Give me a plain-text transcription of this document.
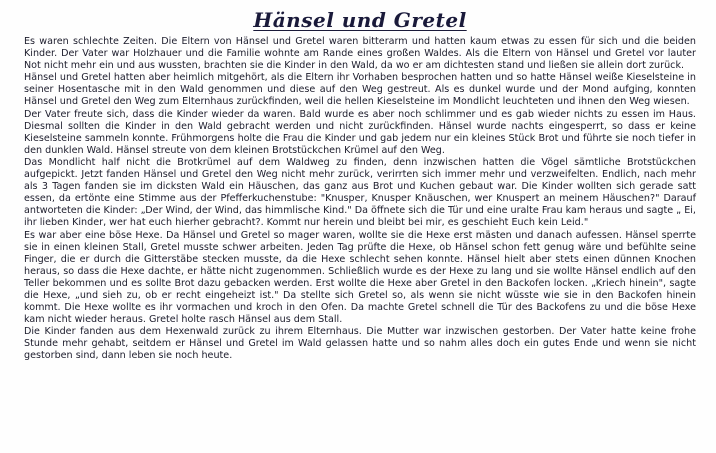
Hänsel und Gretel

Es waren schlechte Zeiten. Die Eltern von Hänsel und Gretel waren bitterarm und hatten kaum etwas zu essen für sich und die beiden Kinder. Der Vater war Holzhauer und die Familie wohnte am Rande eines großen Waldes. Als die Eltern von Hänsel und Gretel vor lauter Not nicht mehr ein und aus wussten, brachten sie die Kinder in den Wald, da wo er am dichtesten stand und ließen sie allein dort zurück.

Hänsel und Gretel hatten aber heimlich mitgehört, als die Eltern ihr Vorhaben besprochen hatten und so hatte Hänsel weiße Kieselsteine in seiner Hosentasche mit in den Wald genommen und diese auf den Weg gestreut. Als es dunkel wurde und der Mond aufging, konnten Hänsel und Gretel den Weg zum Elternhaus zurückfinden, weil die hellen Kieselsteine im Mondlicht leuchteten und ihnen den Weg wiesen.

Der Vater freute sich, dass die Kinder wieder da waren. Bald wurde es aber noch schlimmer und es gab wieder nichts zu essen im Haus. Diesmal sollten die Kinder in den Wald gebracht werden und nicht zurückfinden. Hänsel wurde nachts eingesperrt, so dass er keine Kieselsteine sammeln konnte. Frühmorgens holte die Frau die Kinder und gab jedem nur ein kleines Stück Brot und führte sie noch tiefer in den dunklen Wald. Hänsel streute von dem kleinen Brotstückchen Krümel auf den Weg.

Das Mondlicht half nicht die Brotkrümel auf dem Waldweg zu finden, denn inzwischen hatten die Vögel sämtliche Brotstückchen aufgepickt. Jetzt fanden Hänsel und Gretel den Weg nicht mehr zurück, verirrten sich immer mehr und verzweifelten. Endlich, nach mehr als 3 Tagen fanden sie im dicksten Wald ein Häuschen, das ganz aus Brot und Kuchen gebaut war. Die Kinder wollten sich gerade satt essen, da ertönte eine Stimme aus der Pfefferkuchenstube: "Knusper, Knusper Knäuschen, wer Knuspert an meinem Häuschen?" Darauf antworteten die Kinder: „Der Wind, der Wind, das himmlische Kind." Da öffnete sich die Tür und eine uralte Frau kam heraus und sagte „ Ei, ihr lieben Kinder, wer hat euch hierher gebracht?. Kommt nur herein und bleibt bei mir, es geschieht Euch kein Leid."

Es war aber eine böse Hexe. Da Hänsel und Gretel so mager waren, wollte sie die Hexe erst mästen und danach aufessen. Hänsel sperrte sie in einen kleinen Stall, Gretel musste schwer arbeiten. Jeden Tag prüfte die Hexe, ob Hänsel schon fett genug wäre und befühlte seine Finger, die er durch die Gitterstäbe stecken musste, da die Hexe schlecht sehen konnte. Hänsel hielt aber stets einen dünnen Knochen heraus, so dass die Hexe dachte, er hätte nicht zugenommen. Schließlich wurde es der Hexe zu lang und sie wollte Hänsel endlich auf den Teller bekommen und es sollte Brot dazu gebacken werden. Erst wollte die Hexe aber Gretel in den Backofen locken. „Kriech hinein", sagte die Hexe, „und sieh zu, ob er recht eingeheizt ist." Da stellte sich Gretel so, als wenn sie nicht wüsste wie sie in den Backofen hinein kommt. Die Hexe wollte es ihr vormachen und kroch in den Ofen. Da machte Gretel schnell die Tür des Backofens zu und die böse Hexe kam nicht wieder heraus. Gretel holte rasch Hänsel aus dem Stall.

Die Kinder fanden aus dem Hexenwald zurück zu ihrem Elternhaus. Die Mutter war inzwischen gestorben. Der Vater hatte keine frohe Stunde mehr gehabt, seitdem er Hänsel und Gretel im Wald gelassen hatte und so nahm alles doch ein gutes Ende und wenn sie nicht gestorben sind, dann leben sie noch heute.
